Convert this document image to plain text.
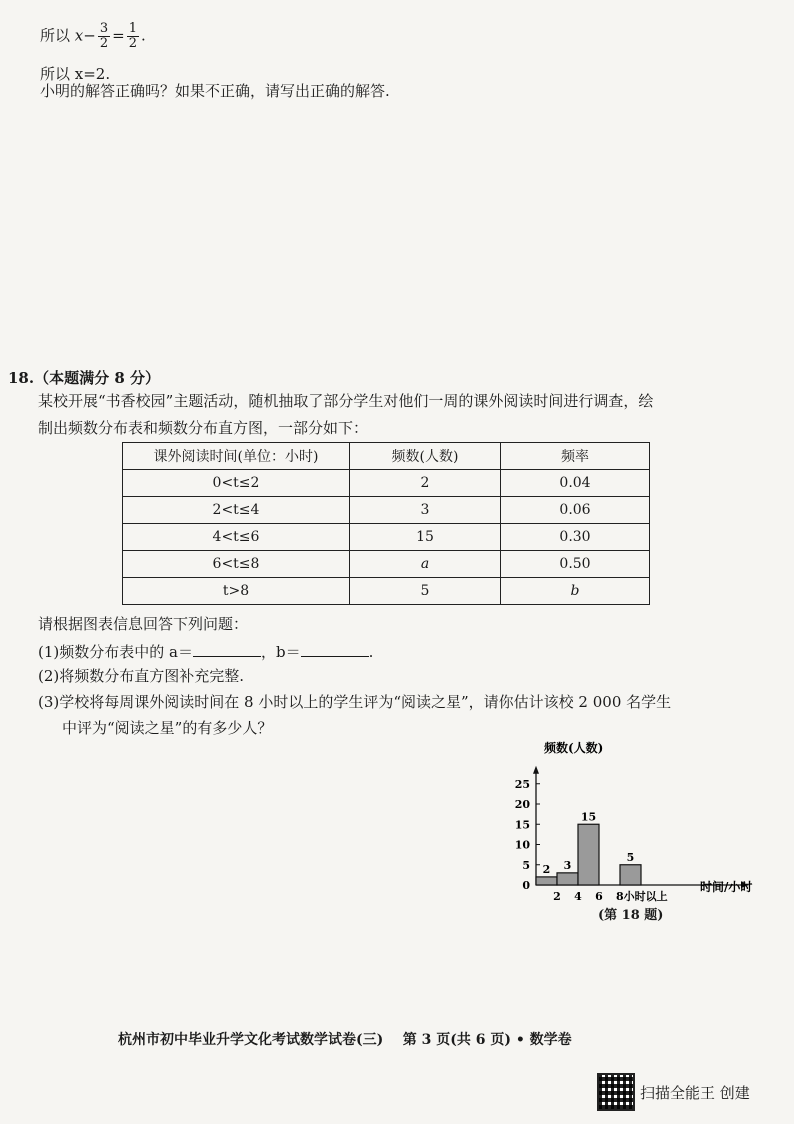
所以 $x- \frac{3}{2} = \frac{1}{2}$ .
所以 x=2.
小明的解答正确吗？如果不正确，请写出正确的解答.
18.（本题满分 8 分）
某校开展“书香校园”主题活动，随机抽取了部分学生对他们一周的课外阅读时间进行调查，绘
制出频数分布表和频数分布直方图，一部分如下：
课外阅读时间(单位：小时)	频数(人数)	频率
0<t≤2	2	0.04
2<t≤4	3	0.06
4<t≤6	15	0.30
6<t≤8	a	0.50
t>8	5	b
请根据图表信息回答下列问题：
(1)频数分布表中的 a＝	，b＝	.
(2)将频数分布直方图补充完整.
(3)学校将每周课外阅读时间在 8 小时以上的学生评为“阅读之星”，请你估计该校 2 000 名学生
中评为“阅读之星”的有多少人？
0
5
10
15
20
25
2 4 6 8小时以上
2 3
15
5
频数(人数)
时间/小时
(第 18 题)
杭州市初中毕业升学文化考试数学试卷(三)    第 3 页(共 6 页) • 数学卷
扫描全能王 创建
